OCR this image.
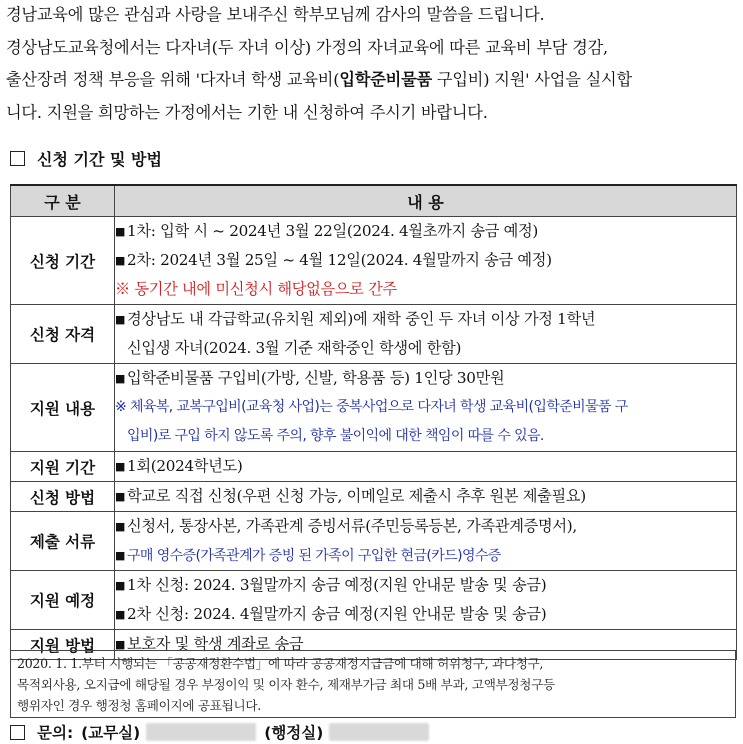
경남교육에 많은 관심과 사랑을 보내주신 학부모님께 감사의 말씀을 드립니다.
경상남도교육청에서는 다자녀(두 자녀 이상) 가정의 자녀교육에 따른 교육비 부담 경감,
출산장려 정책 부응을 위해 '다자녀 학생 교육비(입학준비물품 구입비) 지원' 사업을 실시합
니다. 지원을 희망하는 가정에서는 기한 내 신청하여 주시기 바랍니다.
신청 기간 및 방법
구 분	내 용
신청 기간	■ 1차: 입학 시 ~ 2024년 3월 22일(2024. 4월초까지 송금 예정)
■ 2차: 2024년 3월 25일 ~ 4월 12일(2024. 4월말까지 송금 예정)
※ 동기간 내에 미신청시 해당없음으로 간주

신청 자격	■ 경상남도 내 각급학교(유치원 제외)에 재학 중인 두 자녀 이상 가정 1학년
신입생 자녀(2024. 3월 기준 재학중인 학생에 한함)

지원 내용	■ 입학준비물품 구입비(가방, 신발, 학용품 등) 1인당 30만원
※ 체육복, 교복구입비(교육청 사업)는 중복사업으로 다자녀 학생 교육비(입학준비물품 구
입비)로 구입 하지 않도록 주의, 향후 불이익에 대한 책임이 따를 수 있음.

지원 기간	■ 1회(2024학년도)

신청 방법	■ 학교로 직접 신청(우편 신청 가능, 이메일로 제출시 추후 원본 제출필요)

제출 서류	■ 신청서, 통장사본, 가족관계 증빙서류(주민등록등본, 가족관계증명서),
■ 구매 영수증(가족관계가 증빙 된 가족이 구입한 현금(카드)영수증

지원 예정	■ 1차 신청: 2024. 3월말까지 송금 예정(지원 안내문 발송 및 송금)
■ 2차 신청: 2024. 4월말까지 송금 예정(지원 안내문 발송 및 송금)

지원 방법	■ 보호자 및 학생 계좌로 송금
2020. 1. 1.부터 시행되는 「공공재정환수법」에 따라 공공재정지급금에 대해 허위청구, 과다청구,
목적외사용, 오지급에 해당될 경우 부정이익 및 이자 환수, 제재부가금 최대 5배 부과, 고액부정청구등
행위자인 경우 행정청 홈페이지에 공표됩니다.
문의: (교무실)	(행정실)
